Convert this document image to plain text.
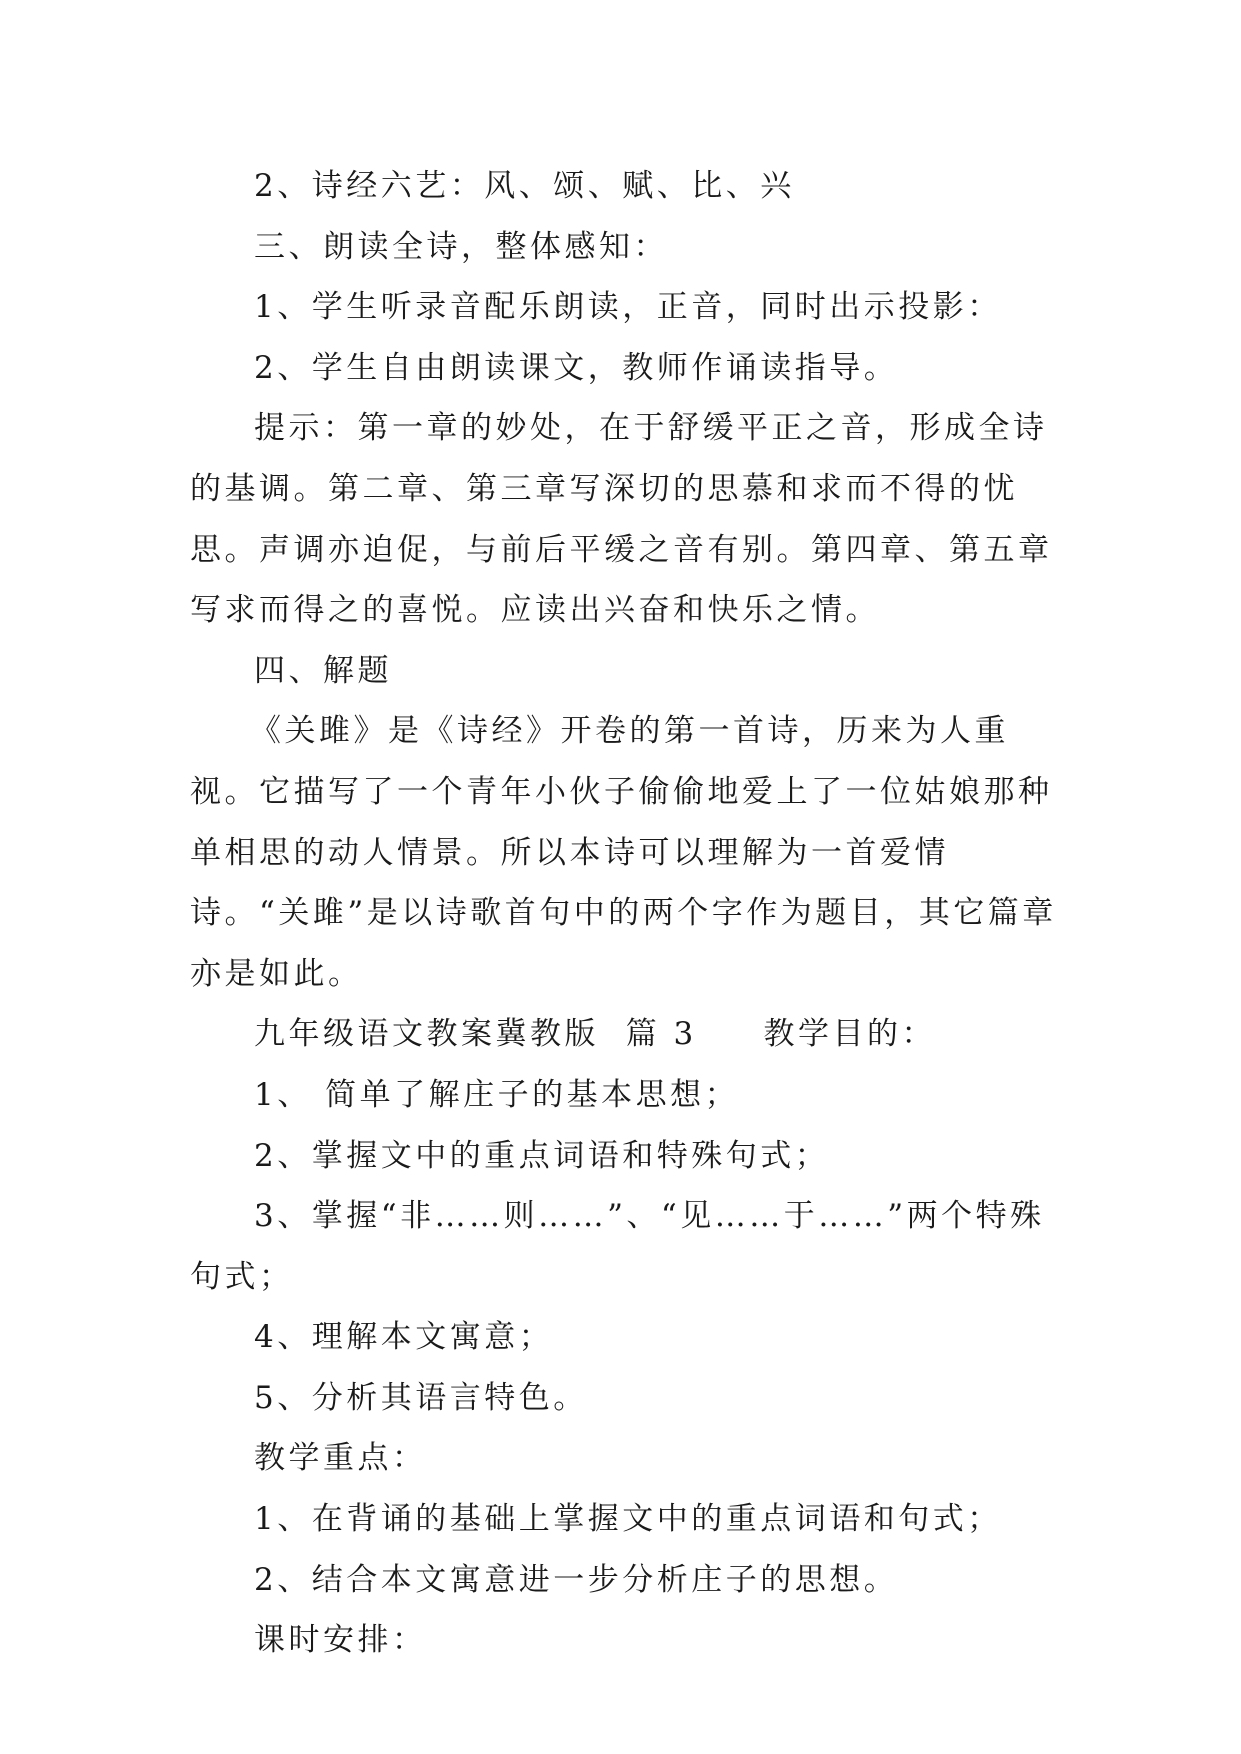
2、诗经六艺：风、颂、赋、比、兴

三、朗读全诗，整体感知：

1、学生听录音配乐朗读，正音，同时出示投影：

2、学生自由朗读课文，教师作诵读指导。

提示：第一章的妙处，在于舒缓平正之音，形成全诗的基调。第二章、第三章写深切的思慕和求而不得的忧思。声调亦迫促，与前后平缓之音有别。第四章、第五章写求而得之的喜悦。应读出兴奋和快乐之情。

四、解题

《关雎》是《诗经》开卷的第一首诗，历来为人重视。它描写了一个青年小伙子偷偷地爱上了一位姑娘那种单相思的动人情景。所以本诗可以理解为一首爱情诗。“关雎”是以诗歌首句中的两个字作为题目，其它篇章亦是如此。

九年级语文教案冀教版  篇 3     教学目的：

1、 简单了解庄子的基本思想；

2、掌握文中的重点词语和特殊句式；

3、掌握“非……则……”、“见……于……”两个特殊句式；

4、理解本文寓意；

5、分析其语言特色。

教学重点：

1、在背诵的基础上掌握文中的重点词语和句式；

2、结合本文寓意进一步分析庄子的思想。

课时安排：
